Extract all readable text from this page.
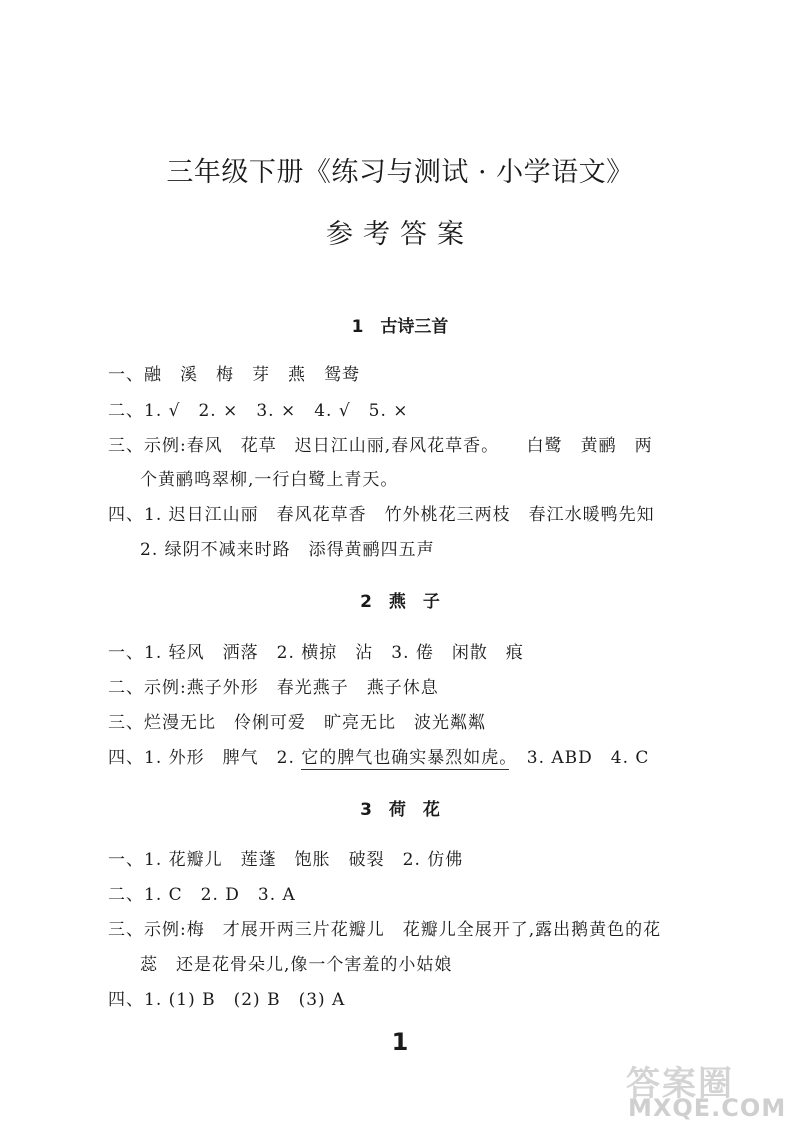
三年级下册《练习与测试 · 小学语文》
参考答案
1　古诗三首
一、融　溪　梅　芽　燕　鸳鸯
二、1. √　2. ×　3. ×　4. √　5. ×
三、示例:春风　花草　迟日江山丽,春风花草香。　　白鹭　黄鹂　两
个黄鹂鸣翠柳,一行白鹭上青天。
四、1. 迟日江山丽　春风花草香　竹外桃花三两枝　春江水暖鸭先知
2. 绿阴不减来时路　添得黄鹂四五声
2　燕　子
一、1. 轻风　洒落　2. 横掠　沾　3. 倦　闲散　痕
二、示例:燕子外形　春光燕子　燕子休息
三、烂漫无比　伶俐可爱　旷亮无比　波光粼粼
四、1. 外形　脾气　2. 它的脾气也确实暴烈如虎。　3. ABD　4. C
3　荷　花
一、1. 花瓣儿　莲蓬　饱胀　破裂　2. 仿佛
二、1. C　2. D　3. A
三、示例:梅　才展开两三片花瓣儿　花瓣儿全展开了,露出鹅黄色的花
蕊　还是花骨朵儿,像一个害羞的小姑娘
四、1. (1) B　(2) B　(3) A
1
答案圈
MXQE.COM
